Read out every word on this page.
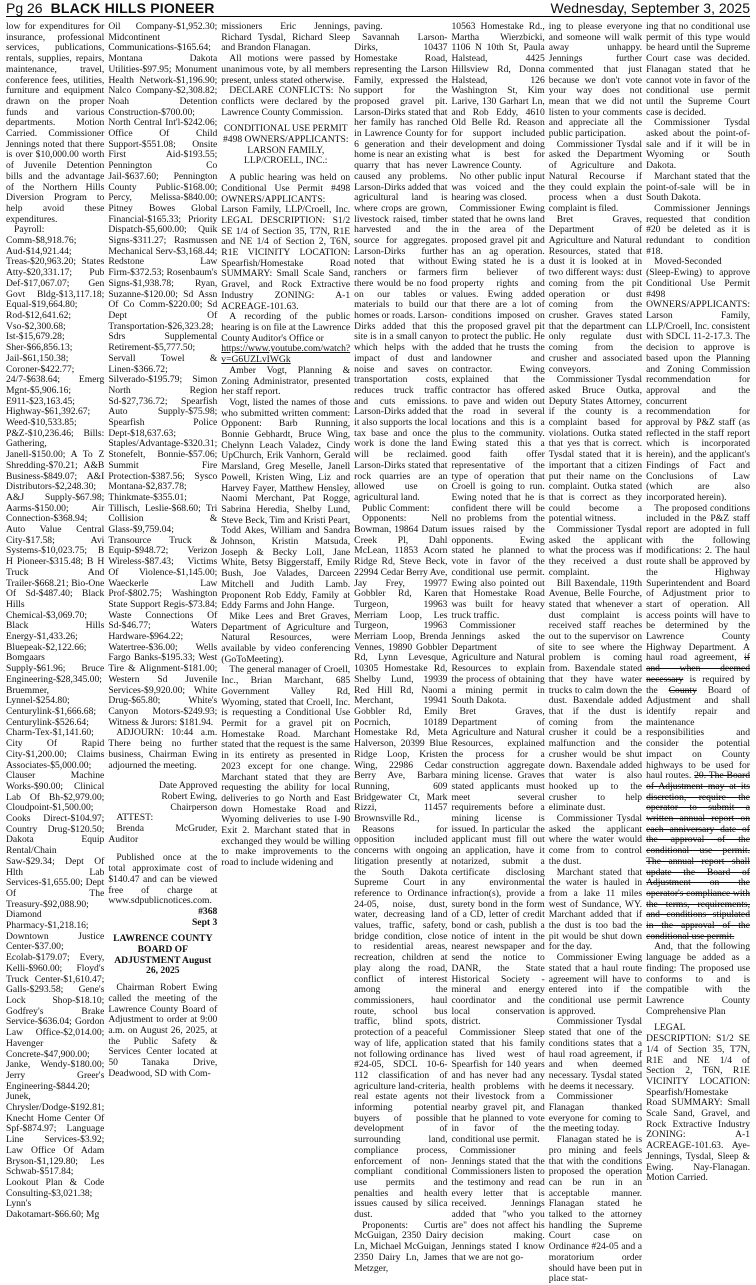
Pg 26 BLACK HILLS PIONEER	Wednesday, September 3, 2025

low for expenditures for insurance, professional services, publications, rentals, supplies, repairs, maintenance, travel, conference fees, utilities, furniture and equipment drawn on the proper funds and various departments. Motion Carried. Commissioner Jennings noted that there is over $10,000.00 worth of Juvenile Detention bills and the advantage of the Northern Hills Diversion Program to help avoid these expenditures.

Payroll: Comm-$8,918.76; Aud-$14,921.44; Treas-$20,963.20; States Atty-$20,331.17; Pub Def-$17,067.07; Gen Govt Bldg-$13,117.18; Equal-$19,664.80; Rod-$12,641.62; Vso-$2,300.68; Ist-$15,679.28; Sher-$66,856.13; Jail-$61,150.38; Coroner-$422.77; 24/7-$638.64; Emerg Mgnt-$5,906.16; E911-$23,163.45; Highway-$61,392.67; Weed-$10,533.85; P&Z-$10,236.46; Bills: Gathering, Janell-$150.00; A To Z Shredding-$70.21; A&B Business-$849.07; A&I Distributors-$2,248.30; A&J Supply-$67.98; Aarms-$150.00; Air Connection-$368.94; Auto Value Central City-$17.58; Avi Systems-$10,023.75; B H Pioneer-$315.48; B H Truck And Trailer-$668.21; Bio-One Of Sd-$487.40; Black Hills Chemical-$3,069.70; Black Hills Energy-$1,433.26; Bluepeak-$2,122.66; Bomgaars Supply-$61.96; Bruce Engineering-$28,345.00; Bruemmer, Lynnel-$254.80; Centurylink-$1,666.68; Centurylink-$526.64; Charm-Tex-$1,141.60; City Of Rapid City-$1,200.00; Claims Associates-$5,000.00; Clauser Machine Works-$90.00; Clinical Lab Of Bh-$2,979.00; Cloudpoint-$1,500.00; Cooks Direct-$104.97; Country Drug-$120.50; Dakota Equip Rental/Chain Saw-$29.34; Dept Of Hlth Lab Services-$1,655.00; Dept Of The Treasury-$92,088.90; Diamond Pharmacy-$1,218.16; Downtown Justice Center-$37.00; Ecolab-$179.07; Every, Kelli-$960.00; Floyd's Truck Center-$1,610.47; Galls-$293.58; Gene's Lock Shop-$18.10; Godfrey's Brake Service-$636.04; Gordon Law Office-$2,014.00; Havenger Concrete-$47,900.00; Janke, Wendy-$180.00; Jerry Greer's Engineering-$844.20; Junek, Chrysler/Dodge-$192.81; Knecht Home Center Of Spf-$874.97; Language Line Services-$3.92; Law Office Of Adam Bryson-$1,129.80; Les Schwab-$517.84; Lookout Plan & Code Consulting-$3,021.38; Lynn's Dakotamart-$66.60; Mg

Oil Company-$1,952.30; Midcontinent Communications-$165.64; Montana Dakota Utilities-$97.95; Monument Health Network-$1,196.90; Nalco Company-$2,308.82; Noah Detention Construction-$700.00; North Central Int'l-$242.06; Office Of Child Support-$551.08; Onsite First Aid-$193.55; Pennington Co Jail-$637.60; Pennington County Public-$168.00; Percy, Melissa-$840.00; Pitney Bowes Global Financial-$165.33; Priority Dispatch-$5,600.00; Quik Signs-$311.27; Rasmussen Mechanical Serv-$3,168.44; Redstone Law Firm-$372.53; Rosenbaum's Signs-$1,938.78; Ryan, Suzanne-$120.00; Sd Assn Of Co Comm-$220.00; Sd Dept Of Transportation-$26,323.28; Sdrs Supplemental Retirement-$5,777.50; Servall Towel & Linen-$366.72; Silverado-$195.79; Simon North Region Sd-$27,736.72; Spearfish Auto Supply-$75.98; Spearfish Police Dept-$18,637.63; Staples/Advantage-$320.31; Stonefelt, Bonnie-$57.06; Summit Fire Protection-$387.56; Sysco Montana-$2,837.78; Thinkmate-$355.01; Tillisch, Leslie-$68.60; Tri Collision & Glass-$9,759.04; Transource Truck & Equip-$948.72; Verizon Wireless-$87.43; Victims Of Violence-$1,145.00; Waeckerle Law Prof-$802.75; Washington State Support Regis-$73.84; Waste Connections Of Sd-$46.77; Waters Hardware-$964.22; Watertree-$36.00; Wells Fargo Banks-$195.33; West Tire & Alignment-$181.00; Western Sd Juvenile Services-$9,920.00; White Drug-$65.80; White's Canyon Motors-$249.93; Witness & Jurors: $181.94.

ADJOURN: 10:44 a.m. There being no further business, Chairman Ewing adjourned the meeting.

Date Approved

Robert Ewing, Chairperson

ATTEST:

Brenda McGruder, Auditor

Published once at the total approximate cost of $140.47 and can be viewed free of charge at www.sdpublicnotices.com.

#368

Sept 3

LAWRENCE COUNTY BOARD OF ADJUSTMENT August 26, 2025

Chairman Robert Ewing called the meeting of the Lawrence County Board of Adjustment to order at 9:00 a.m. on August 26, 2025, at the Public Safety & Services Center located at 50 Tanaka Drive, Deadwood, SD with Com-

missioners Eric Jennings, Richard Tysdal, Richard Sleep and Brandon Flanagan.

All motions were passed by unanimous vote, by all members present, unless stated otherwise.

DECLARE CONFLICTS: No conflicts were declared by the Lawrence County Commission.

CONDITIONAL USE PERMIT #498 OWNERS/APPLICANTS: LARSON FAMILY, LLP/CROELL, INC.:

A public hearing was held on Conditional Use Permit #498 OWNERS/APPLICANTS: Larson Family, LLP/Croell, Inc. LEGAL DESCRIPTION: S1/2 SE 1/4 of Section 35, T7N, R1E and NE 1/4 of Section 2, T6N, R1E VICINITY LOCATION: Spearfish/Homestake Road SUMMARY: Small Scale Sand, Gravel, and Rock Extractive Industry ZONING: A-1 ACREAGE-101.63.

A recording of the public hearing is on file at the Lawrence County Auditor's Office or

https://www.youtube.com/watch?v=G6UZLvIWGk

Amber Vogt, Planning & Zoning Administrator, presented her staff report.

Vogt, listed the names of those who submitted written comment: Opponent: Barb Running, Bonnie Gebhardt, Bruce Wing, Chelynn Leach Valadez, Cindy UpChurch, Erik Vanhorn, Gerald Marsland, Greg Meselle, Janell Powell, Kristen Wing, Liz and Harvey Fayer, Matthew Hensley, Naomi Merchant, Pat Rogge, Sabrina Heredia, Shelby Lund, Steve Beck, Tim and Kristi Peart, Todd Akes, William and Sandra Johnson, Kristin Matsuda, Joseph & Becky Loll, Jane White, Betsy Biggerstaff, Emily Bush, Joe Valades, Darceen Mitchell and Judith Lamb. Proponent Rob Eddy, Family at Eddy Farms and John Hange.

Mike Lees and Bret Graves, Department of Agriculture and Natural Resources, were available by video conferencing (GoToMeeting).

The general manager of Croell, Inc., Brian Marchant, 685 Government Valley Rd, Wyoming, stated that Croell, Inc. is requesting a Conditional Use Permit for a gravel pit on Homestake Road. Marchant stated that the request is the same in its entirety as presented in 2023 except for one change. Marchant stated that they are requesting the ability for local deliveries to go North and East down Homestake Road and Wyoming deliveries to use I-90 Exit 2. Marchant stated that in exchanged they would be willing to make improvements to the road to include widening and

paving.

Savannah Larson-Dirks, 10437 Homestake Road, representing the Larson Family, expressed the support for the proposed gravel pit. Larson-Dirks stated that her family has ranched in Lawrence County for 6 generation and their home is near an existing quarry that has never caused any problems. Larson-Dirks added that agricultural land is where crops are grown, livestock raised, timber harvested and the source for aggregates. Larson-Dirks further noted that without ranchers or farmers there would be no food on our tables or materials to build our homes or roads. Larson-Dirks added that this site is in a small canyon which helps with the impact of dust and noise and saves on transportation costs, reduces truck traffic and cuts emissions. Larson-Dirks added that it also supports the local tax base and once the work is done the land will be reclaimed. Larson-Dirks stated that rock quarries are an allowed use on agricultural land.

Public Comment:

Opponents: Nell Bowman, 19864 Datum Creek Pl, Dahl McLean, 11853 Acorn Ridge Rd, Steve Beck, 22994 Cedar Berry Ave, Jay Frey, 19977 Gobbler Rd, Karen Turgeon, 19963 Merriam Loop, Les Turgeon, 19963 Merriam Loop, Brenda Vennes, 19890 Gobbler Rd, Lynn Levesque, 10305 Homestake Rd, Shelby Lund, 19939 Red Hill Rd, Naomi Merchant, 19941 Gobbler Rd, Emily Pocrnich, 10189 Homestake Rd, Meta Halverson, 20399 Blue Ridge Loop, Kristen Wing, 22986 Cedar Berry Ave, Barbara Running, 609 Bridgewater Ct, Mark Rizzi, 11457 Brownsville Rd.,

Reasons for opposition included concerns with ongoing litigation presently at the South Dakota Supreme Court in reference to Ordinance 24-05, noise, dust, water, decreasing land values, traffic, safety, bridge condition, close to residential areas, recreation, children at play along the road, conflict of interest among the commissioners, haul route, school bus traffic, blind spots, protection of a peaceful way of life, application not following ordinance #24-05, SDCL 10-6-112 classification of agriculture land-criteria, real estate agents not informing potential buyers of possible development of surrounding land, compliance process, enforcement of non-compliant conditional use permits and penalties and health issues caused by silica dust.

Proponents: Curtis McGuigan, 2350 Dairy Ln, Michael McGuigan, 2350 Dairy Ln, James Metzger,

10563 Homestake Rd., Martha Wierzbicki, 1106 N 10th St, Paula Halstead, 4425 Hillsview Rd, Donna Halstead, 126 Washington St, Kim Larive, 130 Garhart Ln, and Rob Eddy, 4610 Old Belle Rd. Reason for support included development and doing what is best for Lawrence County.

No other public input was voiced and the hearing was closed.

Commissioner Ewing stated that he owns land in the area of the proposed gravel pit and has an ag operation. Ewing stated he is a firm believer of property rights and values. Ewing added that there are a lot of conditions imposed on the proposed gravel pit to protect the public. He added that he trusts the landowner and contractor. Ewing explained that the contractor has offered to pave and widen out the road in several locations and this is a plus to the community. Ewing stated this a good faith offer representative of the type of operation that Croell is going to run. Ewing noted that he is confident there will be no problems from the issues raised by the opponents. Ewing stated he planned to vote in favor of the conditional use permit. Ewing also pointed out that Homestake Road was built for heavy truck traffic.

Commissioner Jennings asked the Department of Agriculture and Natural Resources to explain the process of obtaining a mining permit in South Dakota.

Bret Graves, Department of Agriculture and Natural Resources, explained the process for a construction aggregate mining license. Graves stated applicants must meet several requirements before a mining license is issued. In particular the applicant must fill out an application, have it notarized, submit a certificate disclosing any environmental infraction(s), provide a surety bond in the form of a CD, letter of credit bond or cash, publish a notice of intent in the nearest newspaper and send the notice to DANR, the State Historical Society - mineral and energy coordinator and the local conservation district.

Commissioner Sleep stated that his family has lived west of Spearfish for 140 years and has never had any health problems with their livestock from a nearby gravel pit, and that he planned to vote in favor of the conditional use permit.

Commissioner Jennings stated that the Commissioners listen to the testimony and read every letter that is received. Jennings added that "who you are" does not affect his decision making. Jennings stated I know that we are not go-

ing to please everyone and someone will walk away unhappy. Jennings further commented that just because we don't vote your way does not mean that we did not listen to your comments and appreciate all the public participation.

Commissioner Tysdal asked the Department of Agriculture and Natural Recourse if they could explain the process when a dust complaint is filed.

Bret Graves, Department of Agriculture and Natural Resources, stated that dust it is looked at in two different ways: dust coming from the pit operation or dust coming from the crusher. Graves stated that the department can only regulate dust coming from the crusher and associated conveyors.

Commissioner Tysdal asked Bruce Outka, Deputy States Attorney, if the county is a complaint based for violations. Outka stated that yes that is correct. Tysdal stated that it is important that a citizen put their name on the complaint. Outka stated that is correct as they could become a potential witness.

Commissioner Tysdal asked the applicant what the process was if they received a dust complaint.

Bill Baxendale, 119th Avenue, Belle Fourche, stated that whenever a dust complaint is received staff reaches out to the supervisor on site to see where the problem is coming from. Baxendale stated that they have water trucks to calm down the dust. Baxendale added that if the dust is coming from the crusher it could be a malfunction and the crusher would be shut down. Baxendale added that water is also hooked up to the crusher to help eliminate dust.

Commissioner Tysdal asked the applicant where the water would come from to control the dust.

Marchant stated that the water is hauled in from a lake 11 miles west of Sundance, WY. Marchant added that if the dust is too bad the pit would be shut down for the day.

Commissioner Ewing stated that a haul route agreement will have to entered into if the conditional use permit is approved.

Commissioner Tysdal stated that one of the conditions states that a haul road agreement, if and when deemed necessary. Tysdal stated he deems it necessary.

Commissioner Flanagan thanked everyone for coming to the meeting today.

Flanagan stated he is pro mining and feels that with the conditions proposed the operation can be run in an acceptable manner. Flanagan stated he talked to the attorney handling the Supreme Court case on Ordinance #24-05 and a moratorium order should have been put in place stat-

ing that no conditional use permit of this type would be heard until the Supreme Court case was decided. Flanagan stated that he cannot vote in favor of the conditional use permit until the Supreme Court case is decided.

Commissioner Tysdal asked about the point-of-sale and if it will be in Wyoming or South Dakota.

Marchant stated that the point-of-sale will be in South Dakota.

Commissioner Jennings requested that condition #20 be deleted as it is redundant to condition #18.

Moved-Seconded (Sleep-Ewing) to approve Conditional Use Permit #498 OWNERS/APPLICANTS: Larson Family, LLP/Croell, Inc. consistent with SDCL 11-2-17.3. The decision to approve is based upon the Planning and Zoning Commission recommendation for approval and the concurrent recommendation for approval by P&Z staff (as reflected in the staff report which is incorporated herein), and the applicant's Findings of Fact and Conclusions of Law (which are also incorporated herein).

The proposed conditions included in the P&Z staff report are adopted in full with the following modifications: 2. The haul route shall be approved by the Highway Superintendent and Board of Adjustment prior to start of operation. All access points will have to be determined by the Lawrence County Highway Department. A haul road agreement, if and when deemed necessary is required by the County Board of Adjustment and shall identify repair and maintenance responsibilities and consider the potential impact on County highways to be used for haul routes. 20. The Board of Adjustment may at its discretion, require the operator to submit a written annual report on each anniversary date of the approval of the conditional use permit. The annual report shall update the Board of Adjustment on the operator's compliance with the terms, requirements, and conditions stipulated in the approval of the conditional use permit.

And, that the following language be added as a finding: The proposed use conforms to and is compatible with the Lawrence County Comprehensive Plan

LEGAL DESCRIPTION: S1/2 SE 1/4 of Section 35, T7N, R1E and NE 1/4 of Section 2, T6N, R1E VICINITY LOCATION: Spearfish/Homestake Road SUMMARY: Small Scale Sand, Gravel, and Rock Extractive Industry ZONING: A-1 ACREAGE-101.63. Aye-Jennings, Tysdal, Sleep & Ewing. Nay-Flanagan. Motion Carried.
